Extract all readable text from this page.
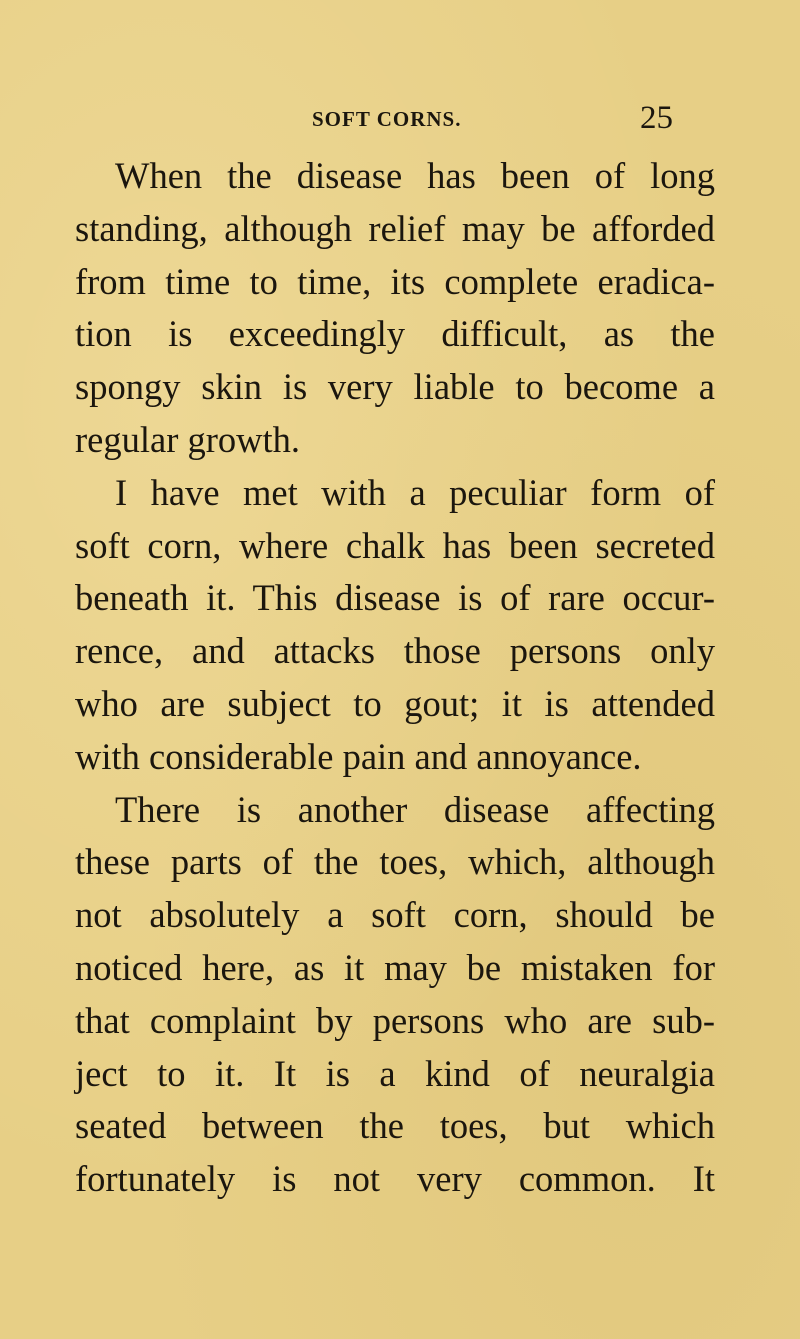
SOFT CORNS.	25
When the disease has been of long
standing, although relief may be afforded
from time to time, its complete eradica-
tion is exceedingly difficult, as the
spongy skin is very liable to become a
regular growth.
I have met with a peculiar form of
soft corn, where chalk has been secreted
beneath it. This disease is of rare occur-
rence, and attacks those persons only
who are subject to gout; it is attended
with considerable pain and annoyance.
There is another disease affecting
these parts of the toes, which, although
not absolutely a soft corn, should be
noticed here, as it may be mistaken for
that complaint by persons who are sub-
ject to it. It is a kind of neuralgia
seated between the toes, but which
fortunately is not very common. It
